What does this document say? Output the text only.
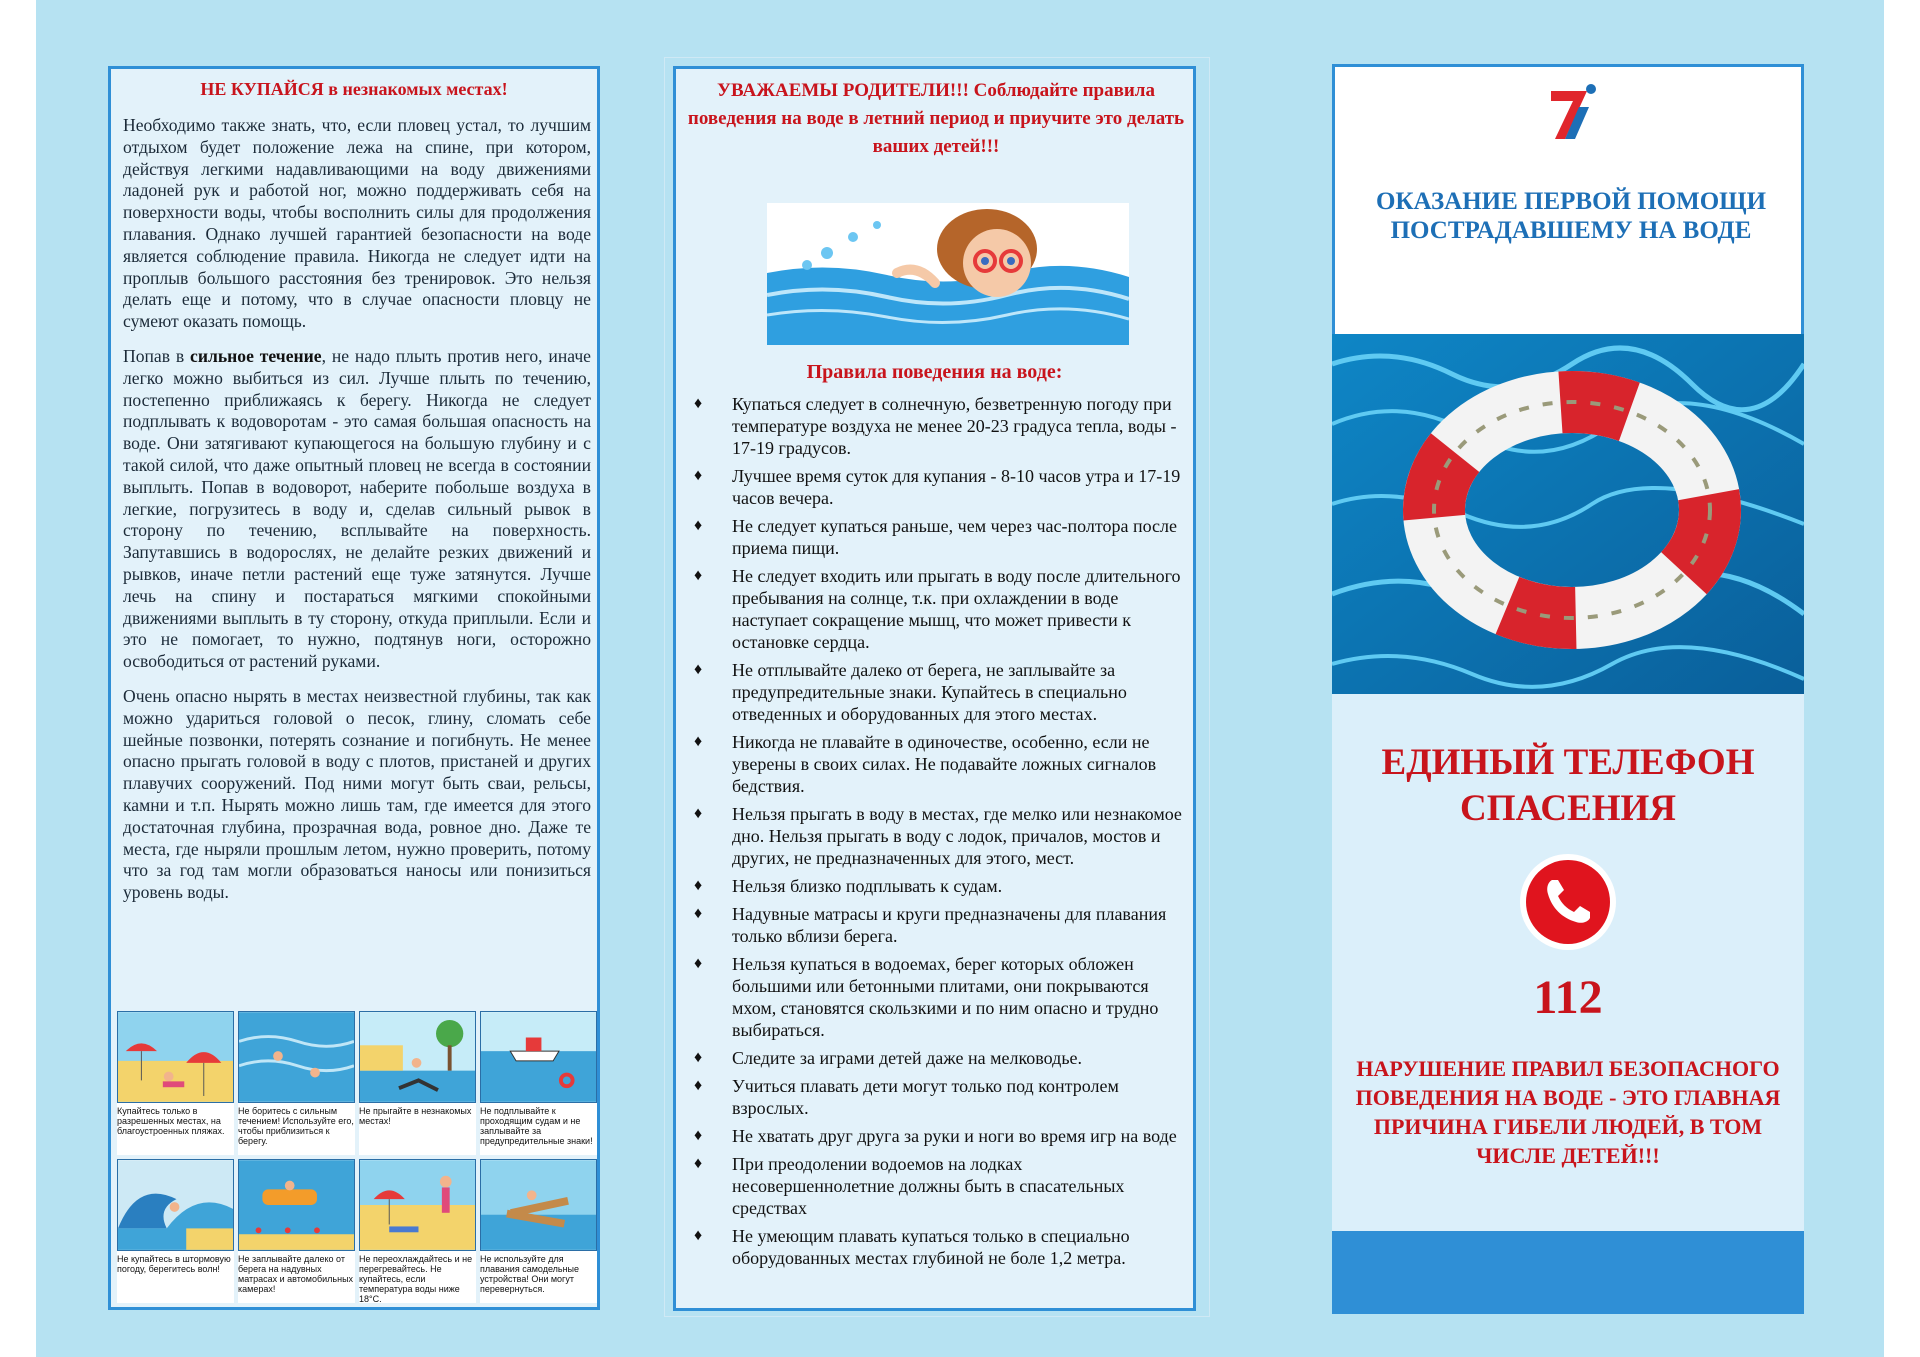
НЕ КУПАЙСЯ в незнакомых местах!

Необходимо также знать, что, если пловец устал, то лучшим отдыхом будет положение лежа на спине, при котором, действуя легкими надавливающими на воду движениями ладоней рук и работой ног, можно поддерживать себя на поверхности воды, чтобы восполнить силы для продолжения плавания. Однако лучшей гарантией безопасности на воде является соблюдение правила. Никогда не следует идти на проплыв большого расстояния без тренировок. Это нельзя делать еще и потому, что в случае опасности пловцу не сумеют оказать помощь.

Попав в сильное течение, не надо плыть против него, иначе легко можно выбиться из сил. Лучше плыть по течению, постепенно приближаясь к берегу. Никогда не следует подплывать к водоворотам - это самая большая опасность на воде. Они затягивают купающегося на большую глубину и с такой силой, что даже опытный пловец не всегда в состоянии выплыть. Попав в водоворот, наберите побольше воздуха в легкие, погрузитесь в воду и, сделав сильный рывок в сторону по течению, всплывайте на поверхность. Запутавшись в водорослях, не делайте резких движений и рывков, иначе петли растений еще туже затянутся. Лучше лечь на спину и постараться мягкими спокойными движениями выплыть в ту сторону, откуда приплыли. Если и это не помогает, то нужно, подтянув ноги, осторожно освободиться от растений руками.

Очень опасно нырять в местах неизвестной глубины, так как можно удариться головой о песок, глину, сломать себе шейные позвонки, потерять сознание и погибнуть. Не менее опасно прыгать головой в воду с плотов, пристаней и других плавучих сооружений. Под ними могут быть сваи, рельсы, камни и т.п. Нырять можно лишь там, где имеется для этого достаточная глубина, прозрачная вода, ровное дно. Даже те места, где ныряли прошлым летом, нужно проверить, потому что за год там могли образоваться наносы или понизиться уровень воды.

Купайтесь только в разрешенных местах, на благоустроенных пляжах.
Не боритесь с сильным течением! Используйте его, чтобы приблизиться к берегу.
Не прыгайте в незнакомых местах!
Не подплывайте к проходящим судам и не заплывайте за предупредительные знаки!
Не купайтесь в штормовую погоду, берегитесь волн!
Не заплывайте далеко от берега на надувных матрасах и автомобильных камерах!
Не переохлаждайтесь и не перегревайтесь. Не купайтесь, если температура воды ниже 18°C.
Не используйте для плавания самодельные устройства! Они могут перевернуться.
УВАЖАЕМЫ РОДИТЕЛИ!!! Соблюдайте правила поведения на воде в летний период и приучите это делать ваших детей!!!
Правила поведения на воде:
♦ Купаться следует в солнечную, безветренную погоду при температуре воздуха не менее 20-23 градуса тепла, воды - 17-19 градусов.
♦ Лучшее время суток для купания - 8-10 часов утра и 17-19 часов вечера.
♦ Не следует купаться раньше, чем через час-полтора после приема пищи.
♦ Не следует входить или прыгать в воду после длительного пребывания на солнце, т.к. при охлаждении в воде наступает сокращение мышц, что может привести к остановке сердца.
♦ Не отплывайте далеко от берега, не заплывайте за предупредительные знаки. Купайтесь в специально отведенных и оборудованных для этого местах.
♦ Никогда не плавайте в одиночестве, особенно, если не уверены в своих силах. Не подавайте ложных сигналов бедствия.
♦ Нельзя прыгать в воду в местах, где мелко или незнакомое дно. Нельзя прыгать в воду с лодок, причалов, мостов и других, не предназначенных для этого, мест.
♦ Нельзя близко подплывать к судам.
♦ Надувные матрасы и круги предназначены для плавания только вблизи берега.
♦ Нельзя купаться в водоемах, берег которых обложен большими или бетонными плитами, они покрываются мхом, становятся скользкими и по ним опасно и трудно выбираться.
♦ Следите за играми детей даже на мелководье.
♦ Учиться плавать дети могут только под контролем взрослых.
♦ Не хватать друг друга за руки и ноги во время игр на воде
♦ При преодолении водоемов на лодках несовершеннолетние должны быть в спасательных средствах
♦ Не умеющим плавать купаться только в специально оборудованных местах глубиной не боле 1,2 метра.
ОКАЗАНИЕ ПЕРВОЙ ПОМОЩИ ПОСТРАДАВШЕМУ НА ВОДЕ
ЕДИНЫЙ ТЕЛЕФОН СПАСЕНИЯ
112
НАРУШЕНИЕ ПРАВИЛ БЕЗОПАСНОГО ПОВЕДЕНИЯ НА ВОДЕ - ЭТО ГЛАВНАЯ ПРИЧИНА ГИБЕЛИ ЛЮДЕЙ, В ТОМ ЧИСЛЕ ДЕТЕЙ!!!
